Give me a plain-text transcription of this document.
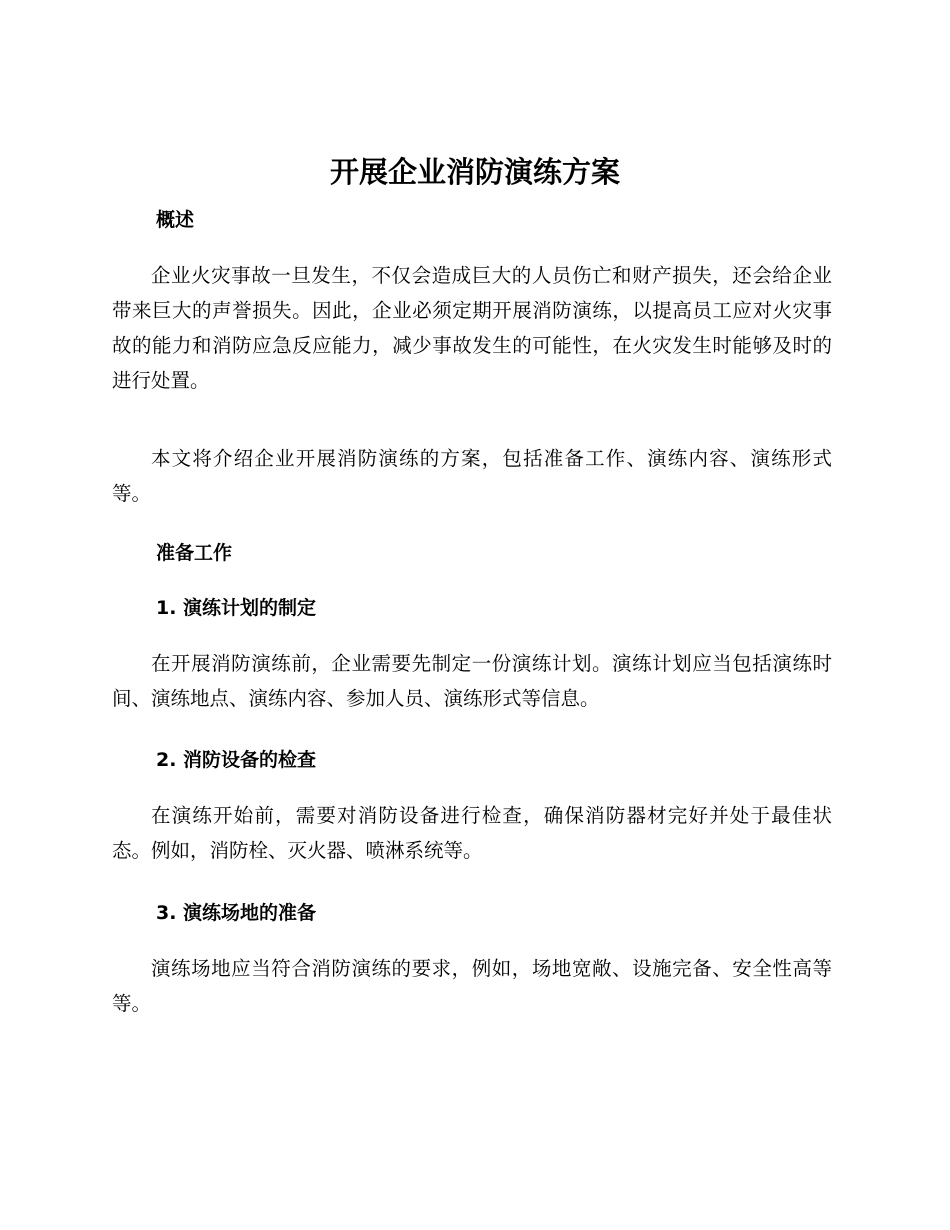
开展企业消防演练方案
概述

企业火灾事故一旦发生，不仅会造成巨大的人员伤亡和财产损失，还会给企业带来巨大的声誉损失。因此，企业必须定期开展消防演练，以提高员工应对火灾事故的能力和消防应急反应能力，减少事故发生的可能性，在火灾发生时能够及时的进行处置。

本文将介绍企业开展消防演练的方案，包括准备工作、演练内容、演练形式等。

准备工作
1. 演练计划的制定

在开展消防演练前，企业需要先制定一份演练计划。演练计划应当包括演练时间、演练地点、演练内容、参加人员、演练形式等信息。

2. 消防设备的检查

在演练开始前，需要对消防设备进行检查，确保消防器材完好并处于最佳状态。例如，消防栓、灭火器、喷淋系统等。

3. 演练场地的准备

演练场地应当符合消防演练的要求，例如，场地宽敞、设施完备、安全性高等等。
